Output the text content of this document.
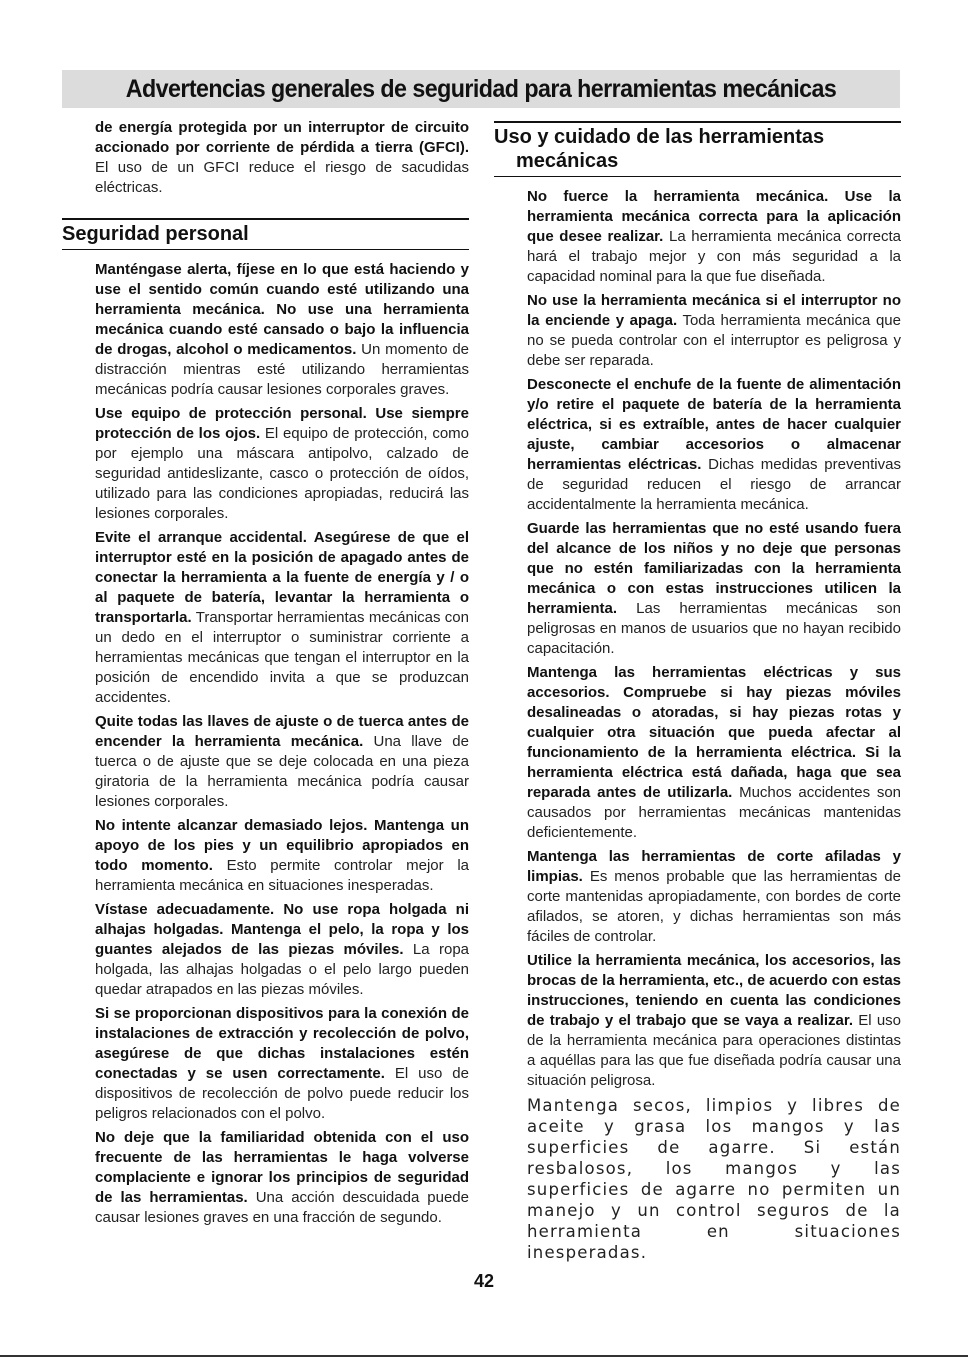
Advertencias generales de seguridad para herramientas mecánicas

de energía protegida por un interruptor de circuito accionado por corriente de pérdida a tierra (GFCI). El uso de un GFCI reduce el riesgo de sacudidas eléctricas.

Seguridad personal

Manténgase alerta, fíjese en lo que está haciendo y use el sentido común cuando esté utilizando una herramienta mecánica. No use una herramienta mecánica cuando esté cansado o bajo la influencia de drogas, alcohol o medicamentos. Un momento de distracción mientras esté utilizando herramientas mecánicas podría causar lesiones corporales graves.

Use equipo de protección personal. Use siempre protección de los ojos. El equipo de protección, como por ejemplo una máscara antipolvo, calzado de seguridad antideslizante, casco o protección de oídos, utilizado para las condiciones apropiadas, reducirá las lesiones corporales.

Evite el arranque accidental. Asegúrese de que el interruptor esté en la posición de apagado antes de conectar la herramienta a la fuente de energía y / o al paquete de batería, levantar la herramienta o transportarla. Transportar herramientas mecánicas con un dedo en el interruptor o suministrar corriente a herramientas mecánicas que tengan el interruptor en la posición de encendido invita a que se produzcan accidentes.

Quite todas las llaves de ajuste o de tuerca antes de encender la herramienta mecánica. Una llave de tuerca o de ajuste que se deje colocada en una pieza giratoria de la herramienta mecánica podría causar lesiones corporales.

No intente alcanzar demasiado lejos. Mantenga un apoyo de los pies y un equilibrio apropiados en todo momento. Esto permite controlar mejor la herramienta mecánica en situaciones inesperadas.

Vístase adecuadamente. No use ropa holgada ni alhajas holgadas. Mantenga el pelo, la ropa y los guantes alejados de las piezas móviles. La ropa holgada, las alhajas holgadas o el pelo largo pueden quedar atrapados en las piezas móviles.

Si se proporcionan dispositivos para la conexión de instalaciones de extracción y recolección de polvo, asegúrese de que dichas instalaciones estén conectadas y se usen correctamente. El uso de dispositivos de recolección de polvo puede reducir los peligros relacionados con el polvo.

No deje que la familiaridad obtenida con el uso frecuente de las herramientas le haga volverse complaciente e ignorar los principios de seguridad de las herramientas. Una acción descuidada puede causar lesiones graves en una fracción de segundo.

Uso y cuidado de las herramientas
mecánicas

No fuerce la herramienta mecánica. Use la herramienta mecánica correcta para la aplicación que desee realizar. La herramienta mecánica correcta hará el trabajo mejor y con más seguridad a la capacidad nominal para la que fue diseñada.

No use la herramienta mecánica si el interruptor no la enciende y apaga. Toda herramienta mecánica que no se pueda controlar con el interruptor es peligrosa y debe ser reparada.

Desconecte el enchufe de la fuente de alimentación y/o retire el paquete de batería de la herramienta eléctrica, si es extraíble, antes de hacer cualquier ajuste, cambiar accesorios o almacenar herramientas eléctricas. Dichas medidas preventivas de seguridad reducen el riesgo de arrancar accidentalmente la herramienta mecánica.

Guarde las herramientas que no esté usando fuera del alcance de los niños y no deje que personas que no estén familiarizadas con la herramienta mecánica o con estas instrucciones utilicen la herramienta. Las herramientas mecánicas son peligrosas en manos de usuarios que no hayan recibido capacitación.

Mantenga las herramientas eléctricas y sus accesorios. Compruebe si hay piezas móviles desalineadas o atoradas, si hay piezas rotas y cualquier otra situación que pueda afectar al funcionamiento de la herramienta eléctrica. Si la herramienta eléctrica está dañada, haga que sea reparada antes de utilizarla. Muchos accidentes son causados por herramientas mecánicas mantenidas deficientemente.

Mantenga las herramientas de corte afiladas y limpias. Es menos probable que las herramientas de corte mantenidas apropiadamente, con bordes de corte afilados, se atoren, y dichas herramientas son más fáciles de controlar.

Utilice la herramienta mecánica, los accesorios, las brocas de la herramienta, etc., de acuerdo con estas instrucciones, teniendo en cuenta las condiciones de trabajo y el trabajo que se vaya a realizar. El uso de la herramienta mecánica para operaciones distintas a aquéllas para las que fue diseñada podría causar una situación peligrosa.

Mantenga secos, limpios y libres de aceite y grasa los mangos y las superficies de agarre. Si están resbalosos, los mangos y las superficies de agarre no permiten un manejo y un control seguros de la herramienta en situaciones inesperadas.

42
